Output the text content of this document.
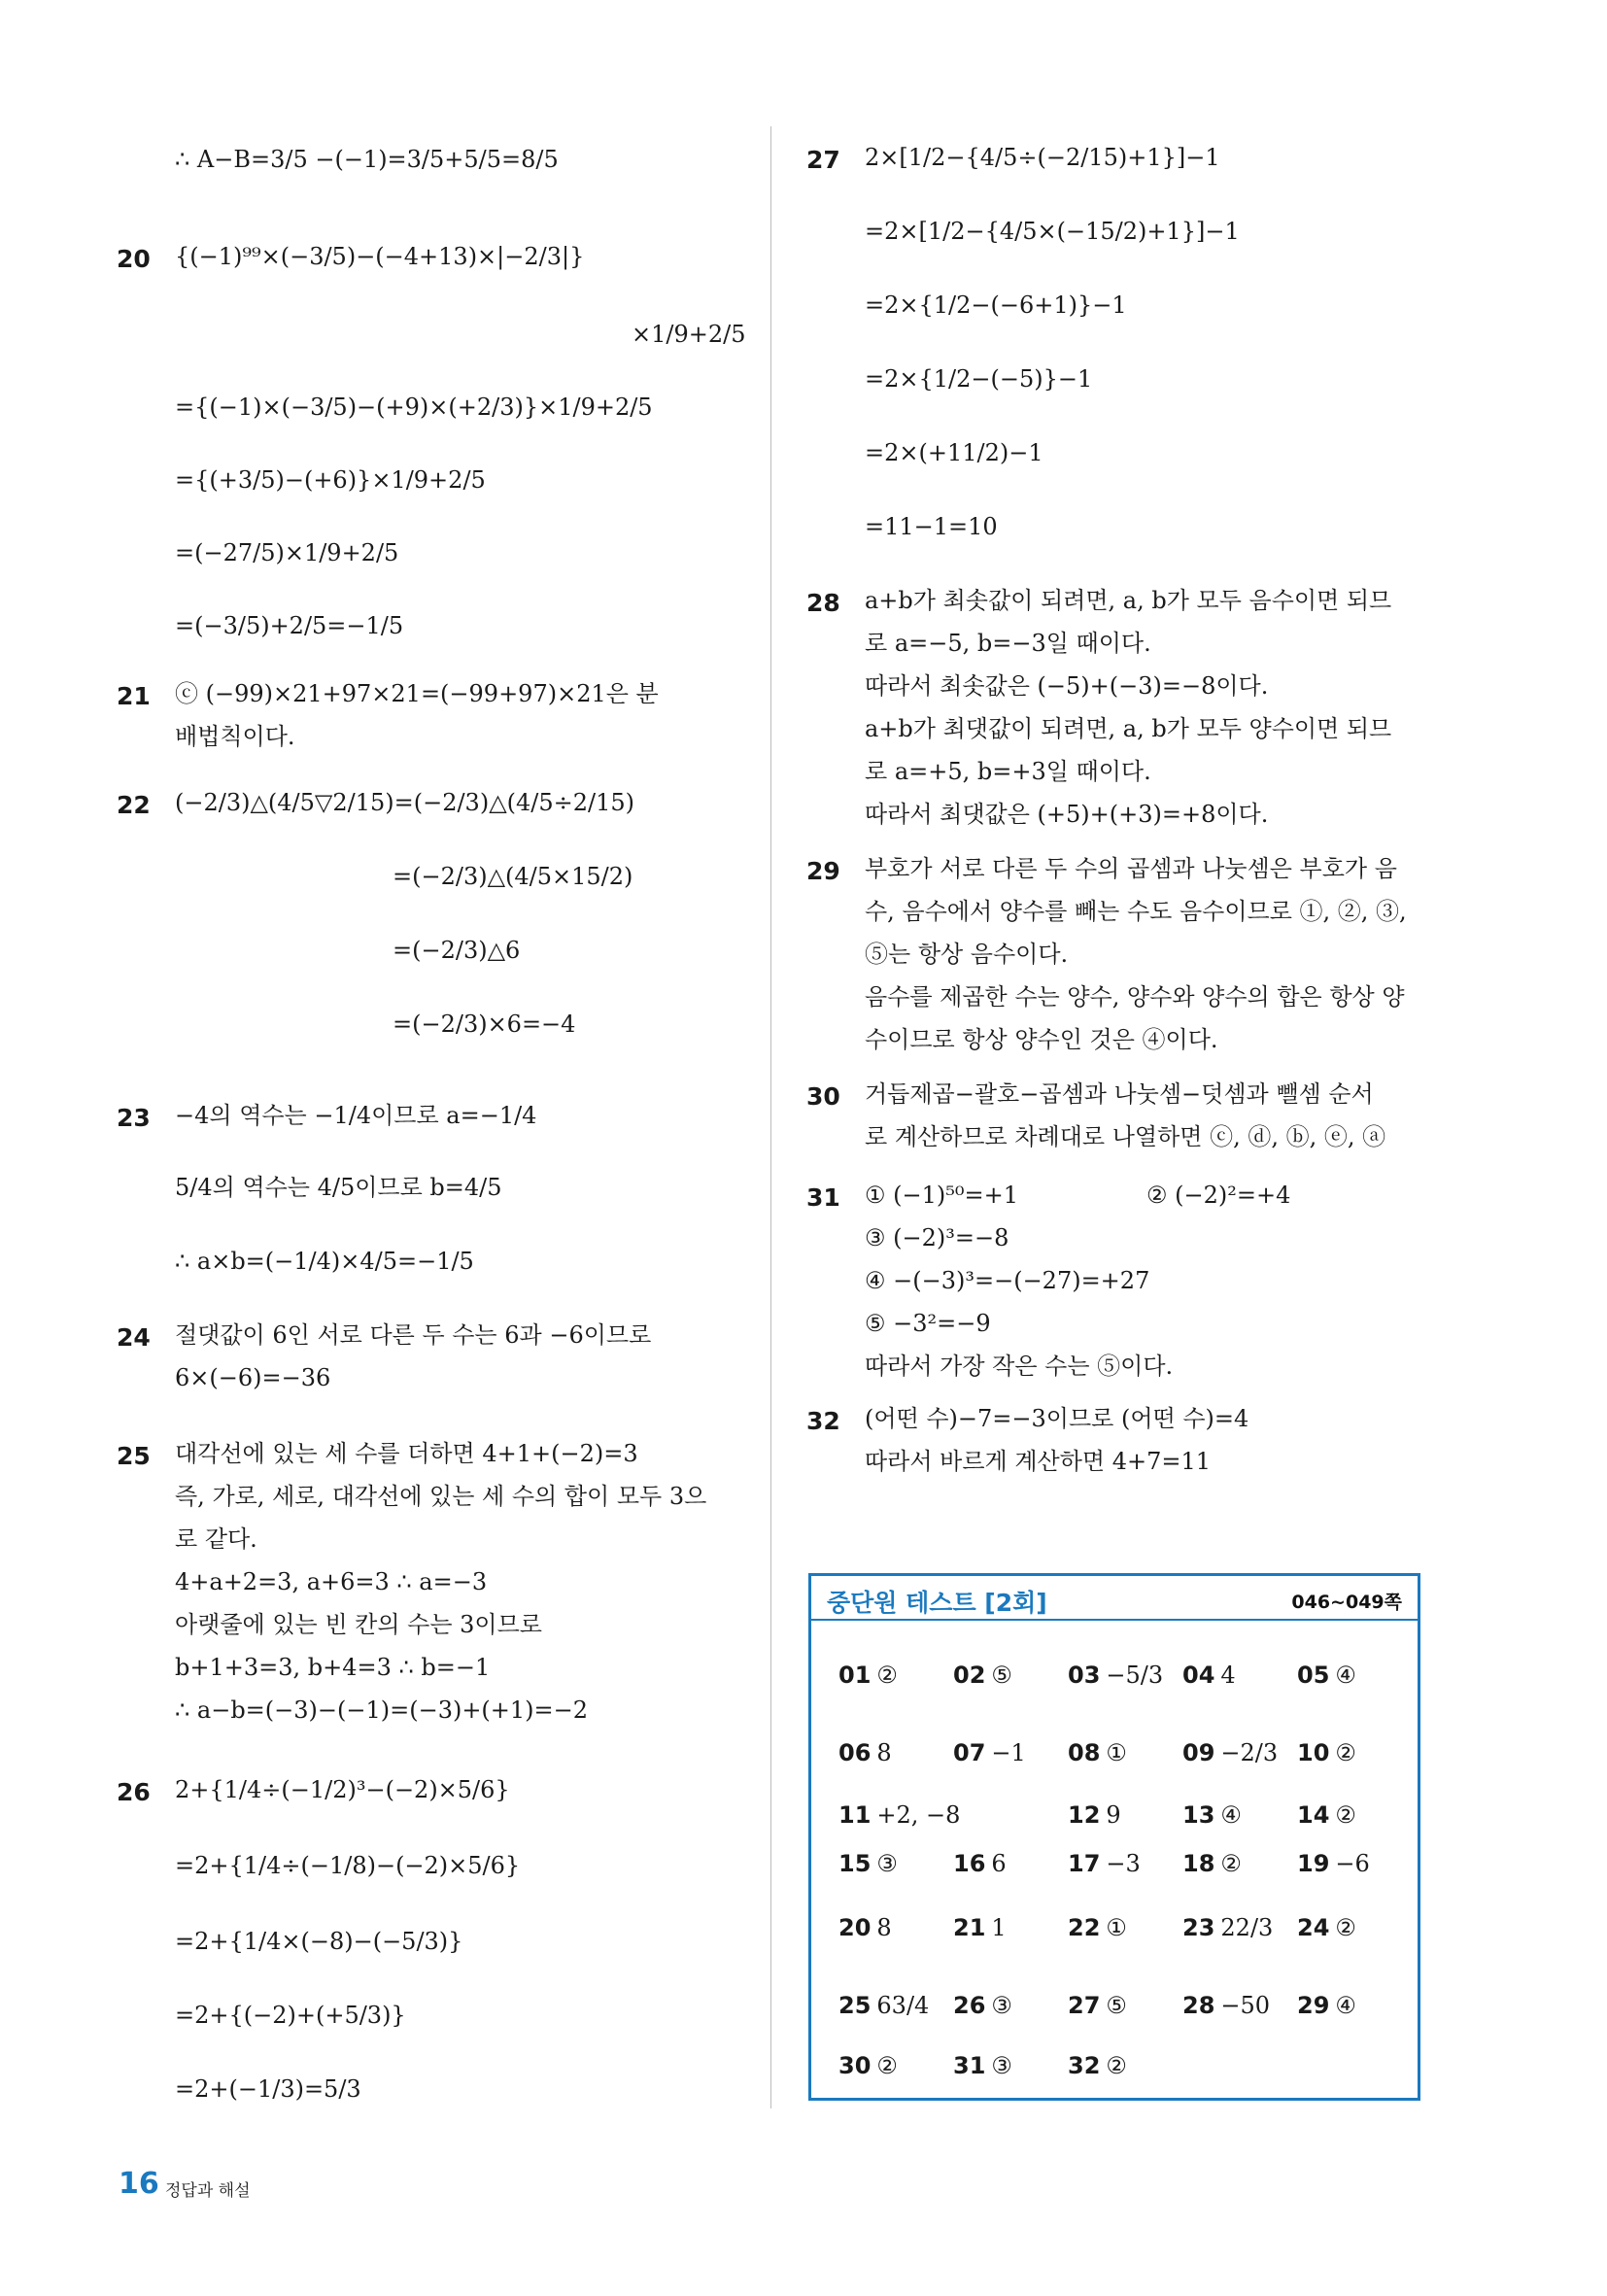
∴ A−B=3/5 −(−1)=3/5+5/5=8/5
20 {(−1)⁹⁹×(−3/5)−(−4+13)×|−2/3|}
×1/9+2/5
={(−1)×(−3/5)−(+9)×(+2/3)}×1/9+2/5
={(+3/5)−(+6)}×1/9+2/5
=(−27/5)×1/9+2/5
=(−3/5)+2/5=−1/5
21 ⓒ (−99)×21+97×21=(−99+97)×21은 분
배법칙이다.
22 (−2/3)△(4/5▽2/15)=(−2/3)△(4/5÷2/15)
=(−2/3)△(4/5×15/2)
=(−2/3)△6
=(−2/3)×6=−4
23 −4의 역수는 −1/4이므로 a=−1/4
5/4의 역수는 4/5이므로 b=4/5
∴ a×b=(−1/4)×4/5=−1/5
24 절댓값이 6인 서로 다른 두 수는 6과 −6이므로
6×(−6)=−36
25 대각선에 있는 세 수를 더하면 4+1+(−2)=3
즉, 가로, 세로, 대각선에 있는 세 수의 합이 모두 3으
로 같다.
4+a+2=3, a+6=3 ∴ a=−3
아랫줄에 있는 빈 칸의 수는 3이므로
b+1+3=3, b+4=3 ∴ b=−1
∴ a−b=(−3)−(−1)=(−3)+(+1)=−2
26 2+{1/4÷(−1/2)³−(−2)×5/6}
=2+{1/4÷(−1/8)−(−2)×5/6}
=2+{1/4×(−8)−(−5/3)}
=2+{(−2)+(+5/3)}
=2+(−1/3)=5/3
27 2×[1/2−{4/5÷(−2/15)+1}]−1
=2×[1/2−{4/5×(−15/2)+1}]−1
=2×{1/2−(−6+1)}−1
=2×{1/2−(−5)}−1
=2×(+11/2)−1
=11−1=10
28 a+b가 최솟값이 되려면, a, b가 모두 음수이면 되므
로 a=−5, b=−3일 때이다.
따라서 최솟값은 (−5)+(−3)=−8이다.
a+b가 최댓값이 되려면, a, b가 모두 양수이면 되므
로 a=+5, b=+3일 때이다.
따라서 최댓값은 (+5)+(+3)=+8이다.
29 부호가 서로 다른 두 수의 곱셈과 나눗셈은 부호가 음
수, 음수에서 양수를 빼는 수도 음수이므로 ①, ②, ③,
⑤는 항상 음수이다.
음수를 제곱한 수는 양수, 양수와 양수의 합은 항상 양
수이므로 항상 양수인 것은 ④이다.
30 거듭제곱−괄호−곱셈과 나눗셈−덧셈과 뺄셈 순서
로 계산하므로 차례대로 나열하면 ⓒ, ⓓ, ⓑ, ⓔ, ⓐ
31 ① (−1)⁵⁰=+1	② (−2)²=+4
③ (−2)³=−8
④ −(−3)³=−(−27)=+27
⑤ −3²=−9
따라서 가장 작은 수는 ⑤이다.
32 (어떤 수)−7=−3이므로 (어떤 수)=4
따라서 바르게 계산하면 4+7=11
중단원 테스트 [2회]	046~049쪽
01 ② 02 ⑤ 03 −5/3 04 4	05 ④
06 8	07 −1 08 ① 09 −2/3 10 ②
11 +2, −8	12 9	13 ④ 14 ②
15 ③ 16 6	17 −3 18 ② 19 −6
20 8	21 1	22 ① 23 22/3 24 ②
25 63/4 26 ③ 27 ⑤ 28 −50 29 ④
30 ② 31 ③ 32 ②
16 정답과 해설
